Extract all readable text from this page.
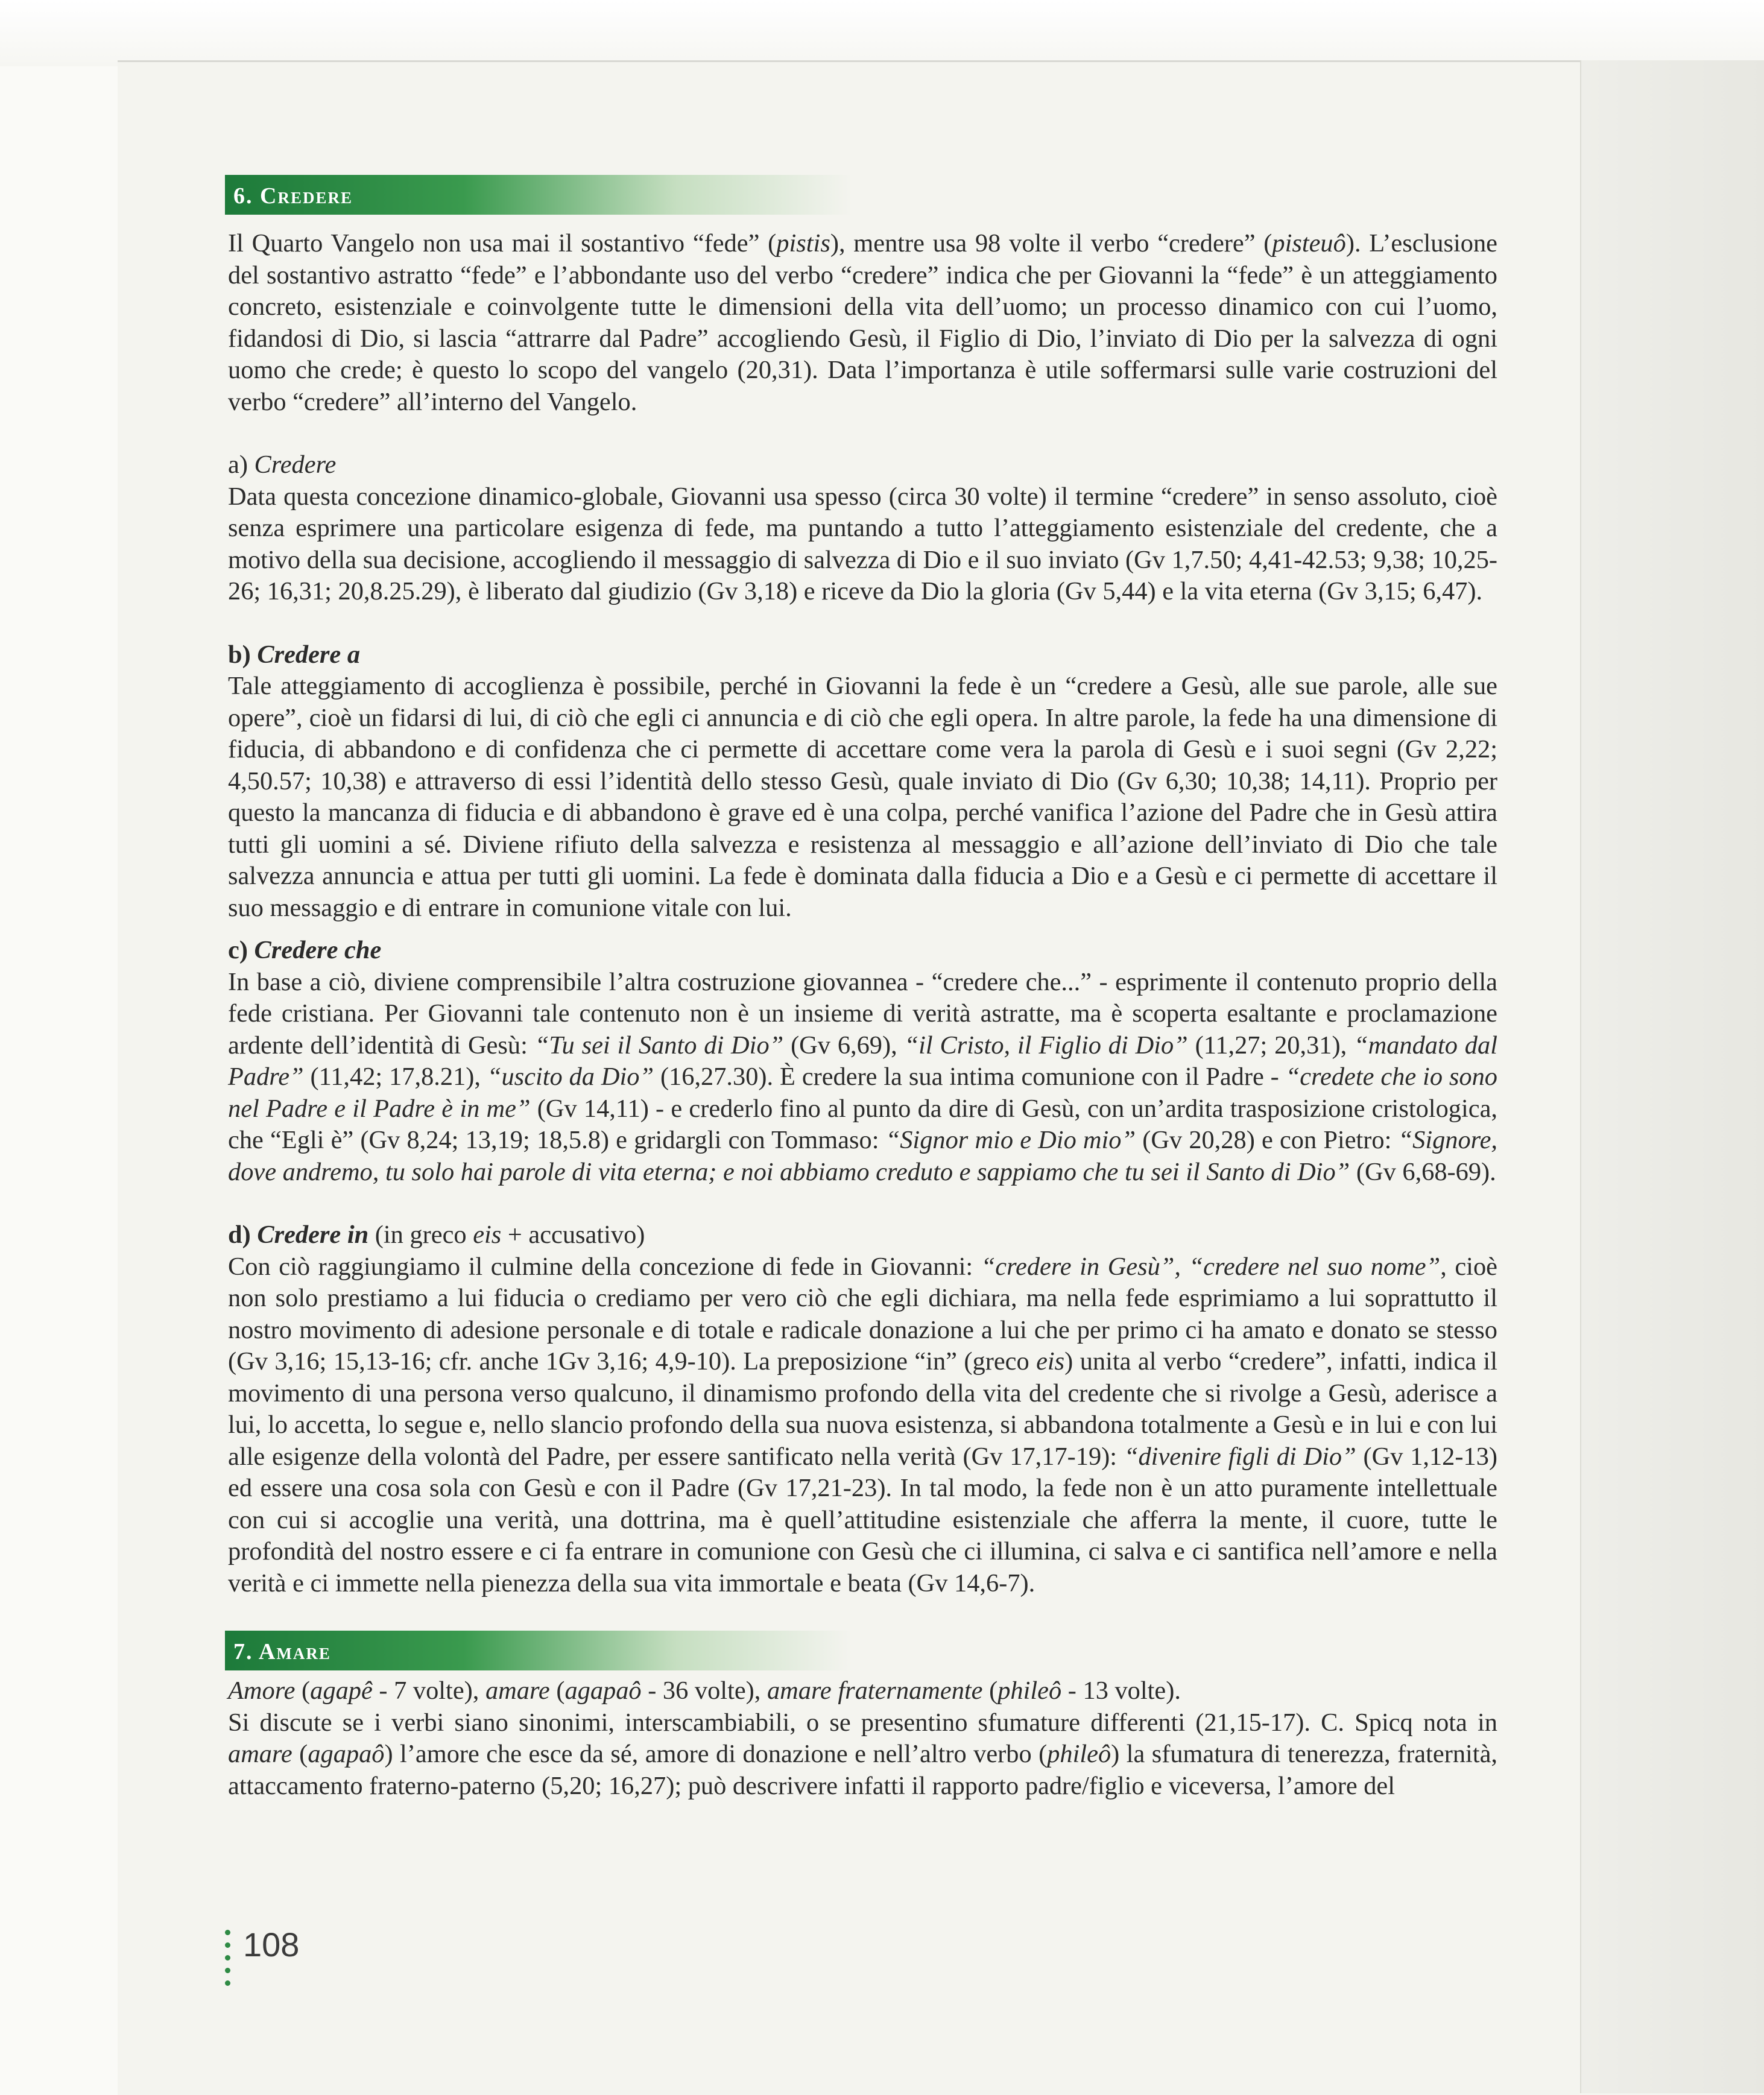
6. Credere

Il Quarto Vangelo non usa mai il sostantivo “fede” (pistis), mentre usa 98 volte il verbo “credere” (pisteuô). L’esclusione del sostantivo astratto “fede” e l’abbondante uso del verbo “credere” indica che per Giovanni la “fede” è un atteggiamento concreto, esistenziale e coinvolgente tutte le dimensioni della vita dell’uomo; un processo dinamico con cui l’uomo, fidandosi di Dio, si lascia “attrarre dal Padre” accogliendo Gesù, il Figlio di Dio, l’inviato di Dio per la salvezza di ogni uomo che crede; è questo lo scopo del vangelo (20,31). Data l’importanza è utile soffermarsi sulle varie costruzioni del verbo “credere” all’interno del Vangelo.

a) Credere

Data questa concezione dinamico-globale, Giovanni usa spesso (circa 30 volte) il termine “credere” in senso assoluto, cioè senza esprimere una particolare esigenza di fede, ma puntando a tutto l’atteggiamento esistenziale del credente, che a motivo della sua decisione, accogliendo il messaggio di salvezza di Dio e il suo inviato (Gv 1,7.50; 4,41-42.53; 9,38; 10,25-26; 16,31; 20,8.25.29), è liberato dal giudizio (Gv 3,18) e riceve da Dio la gloria (Gv 5,44) e la vita eterna (Gv 3,15; 6,47).

b) Credere a

Tale atteggiamento di accoglienza è possibile, perché in Giovanni la fede è un “credere a Gesù, alle sue parole, alle sue opere”, cioè un fidarsi di lui, di ciò che egli ci annuncia e di ciò che egli opera. In altre parole, la fede ha una dimensione di fiducia, di abbandono e di confidenza che ci permette di accettare come vera la parola di Gesù e i suoi segni (Gv 2,22; 4,50.57; 10,38) e attraverso di essi l’identità dello stesso Gesù, quale inviato di Dio (Gv 6,30; 10,38; 14,11). Proprio per questo la mancanza di fiducia e di abbandono è grave ed è una colpa, perché vanifica l’azione del Padre che in Gesù attira tutti gli uomini a sé. Diviene rifiuto della salvezza e resistenza al messaggio e all’azione dell’inviato di Dio che tale salvezza annuncia e attua per tutti gli uomini. La fede è dominata dalla fiducia a Dio e a Gesù e ci permette di accettare il suo messaggio e di entrare in comunione vitale con lui.

c) Credere che

In base a ciò, diviene comprensibile l’altra costruzione giovannea - “credere che...” - esprimente il contenuto proprio della fede cristiana. Per Giovanni tale contenuto non è un insieme di verità astratte, ma è scoperta esaltante e proclamazione ardente dell’identità di Gesù: “Tu sei il Santo di Dio” (Gv 6,69), “il Cristo, il Figlio di Dio” (11,27; 20,31), “mandato dal Padre” (11,42; 17,8.21), “uscito da Dio” (16,27.30). È credere la sua intima comunione con il Padre - “credete che io sono nel Padre e il Padre è in me” (Gv 14,11) - e crederlo fino al punto da dire di Gesù, con un’ardita trasposizione cristologica, che “Egli è” (Gv 8,24; 13,19; 18,5.8) e gridargli con Tommaso: “Signor mio e Dio mio” (Gv 20,28) e con Pietro: “Signore, dove andremo, tu solo hai parole di vita eterna; e noi abbiamo creduto e sappiamo che tu sei il Santo di Dio” (Gv 6,68-69).

d) Credere in (in greco eis + accusativo)

Con ciò raggiungiamo il culmine della concezione di fede in Giovanni: “credere in Gesù”, “credere nel suo nome”, cioè non solo prestiamo a lui fiducia o crediamo per vero ciò che egli dichiara, ma nella fede esprimiamo a lui soprattutto il nostro movimento di adesione personale e di totale e radicale donazione a lui che per primo ci ha amato e donato se stesso (Gv 3,16; 15,13-16; cfr. anche 1Gv 3,16; 4,9-10). La preposizione “in” (greco eis) unita al verbo “credere”, infatti, indica il movimento di una persona verso qualcuno, il dinamismo profondo della vita del credente che si rivolge a Gesù, aderisce a lui, lo accetta, lo segue e, nello slancio profondo della sua nuova esistenza, si abbandona totalmente a Gesù e in lui e con lui alle esigenze della volontà del Padre, per essere santificato nella verità (Gv 17,17-19): “divenire figli di Dio” (Gv 1,12-13) ed essere una cosa sola con Gesù e con il Padre (Gv 17,21-23). In tal modo, la fede non è un atto puramente intellettuale con cui si accoglie una verità, una dottrina, ma è quell’attitudine esistenziale che afferra la mente, il cuore, tutte le profondità del nostro essere e ci fa entrare in comunione con Gesù che ci illumina, ci salva e ci santifica nell’amore e nella verità e ci immette nella pienezza della sua vita immortale e beata (Gv 14,6-7).

7. Amare

Amore (agapê - 7 volte), amare (agapaô - 36 volte), amare fraternamente (phileô - 13 volte).

Si discute se i verbi siano sinonimi, interscambiabili, o se presentino sfumature differenti (21,15-17). C. Spicq nota in amare (agapaô) l’amore che esce da sé, amore di donazione e nell’altro verbo (phileô) la sfumatura di tenerezza, fraternità, attaccamento fraterno-paterno (5,20; 16,27); può descrivere infatti il rapporto padre/figlio e viceversa, l’amore del

108
